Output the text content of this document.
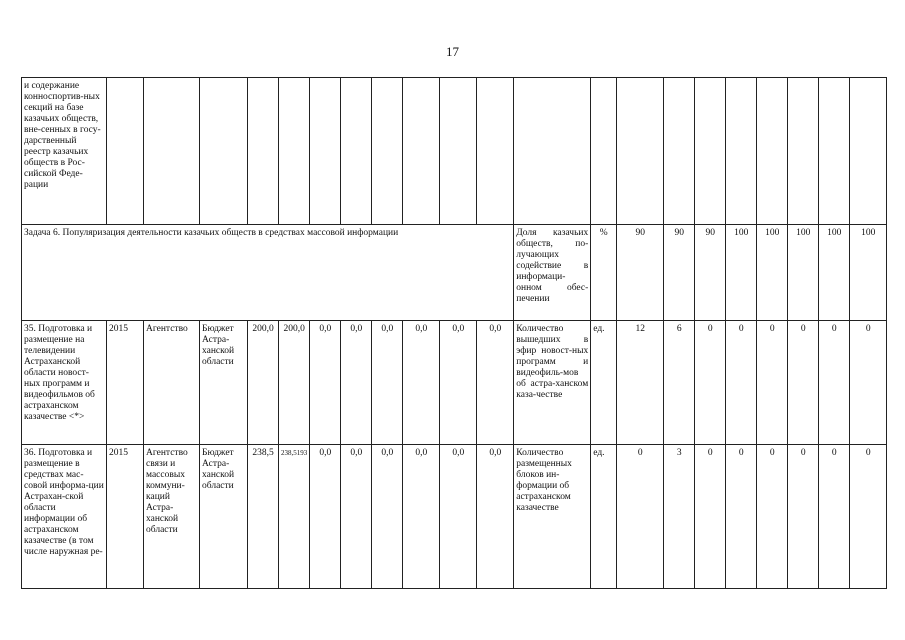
17
и содержание конноспортив-ных секций на базе казачьих обществ, вне-сенных в госу-дарственный реестр казачьих обществ в Рос-сийской Феде-рации																					
Задача 6. Популяризация деятельности казачьих обществ в средствах массовой информации												Доля казачьих обществ, по-лучающих содействие в информаци-онном обес-печении	%	90	90	90	100	100	100	100	100
35. Подготовка и размещение на телевидении Астраханской области новост-ных программ и видеофильмов об астраханском казачестве <*>	2015	Агентство	Бюджет Астра-ханской области	200,0	200,0	0,0	0,0	0,0	0,0	0,0	0,0	Количество вышедших в эфир новост-ных программ и видеофиль-мов об астра-ханском каза-честве	ед.	12	6	0	0	0	0	0	0
36. Подготовка и размещение в средствах мас-совой информа-ции Астрахан-ской области информации об астраханском казачестве (в том числе наружная ре-	2015	Агентство связи и массовых коммуни-каций Астра-ханской области	Бюджет Астра-ханской области	238,5	238,5193	0,0	0,0	0,0	0,0	0,0	0,0	Количество размещенных блоков ин-формации об астраханском казачестве	ед.	0	3	0	0	0	0	0	0
